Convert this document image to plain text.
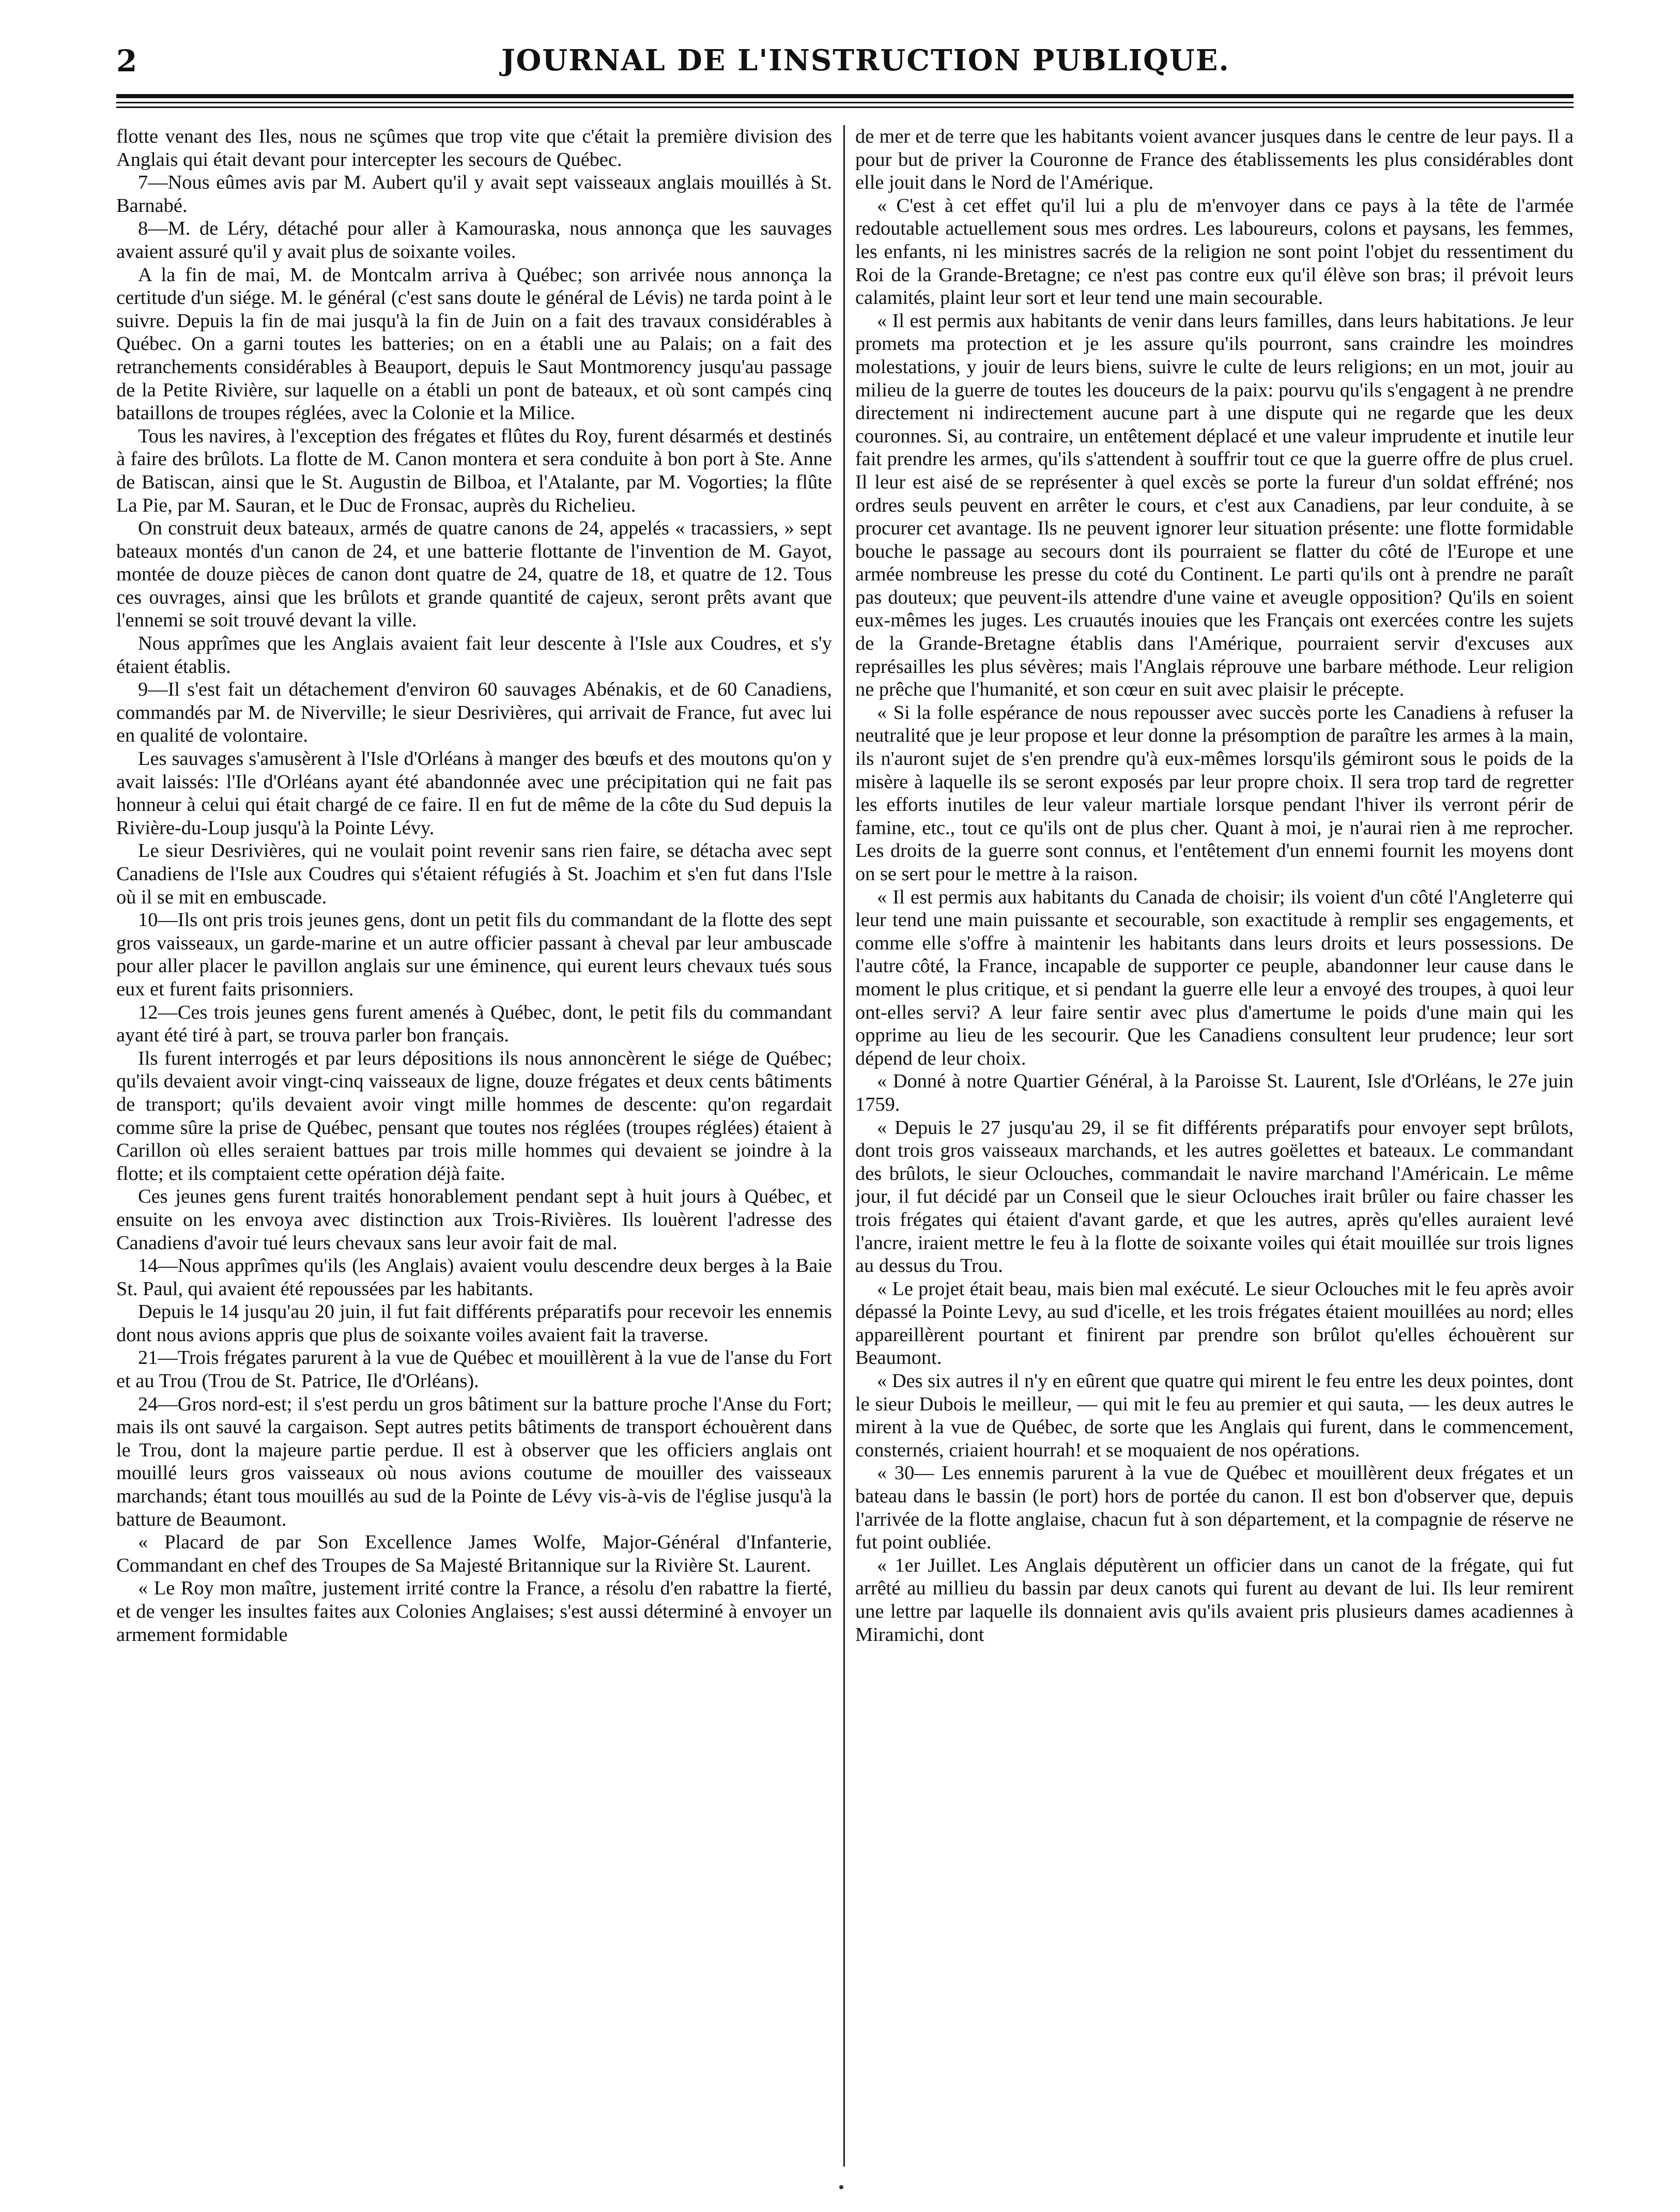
2	JOURNAL DE L'INSTRUCTION PUBLIQUE.

flotte venant des Iles, nous ne sçûmes que trop vite que c'était la première division des Anglais qui était devant pour intercepter les secours de Québec.

7—Nous eûmes avis par M. Aubert qu'il y avait sept vaisseaux anglais mouillés à St. Barnabé.

8—M. de Léry, détaché pour aller à Kamouraska, nous annonça que les sauvages avaient assuré qu'il y avait plus de soixante voiles.

A la fin de mai, M. de Montcalm arriva à Québec; son arrivée nous annonça la certitude d'un siége. M. le général (c'est sans doute le général de Lévis) ne tarda point à le suivre. Depuis la fin de mai jusqu'à la fin de Juin on a fait des travaux considérables à Québec. On a garni toutes les batteries; on en a établi une au Palais; on a fait des retranchements considérables à Beauport, depuis le Saut Montmorency jusqu'au passage de la Petite Rivière, sur laquelle on a établi un pont de bateaux, et où sont campés cinq bataillons de troupes réglées, avec la Colonie et la Milice.

Tous les navires, à l'exception des frégates et flûtes du Roy, furent désarmés et destinés à faire des brûlots. La flotte de M. Canon montera et sera conduite à bon port à Ste. Anne de Batiscan, ainsi que le St. Augustin de Bilboa, et l'Atalante, par M. Vogorties; la flûte La Pie, par M. Sauran, et le Duc de Fronsac, auprès du Richelieu.

On construit deux bateaux, armés de quatre canons de 24, appelés « tracassiers, » sept bateaux montés d'un canon de 24, et une batterie flottante de l'invention de M. Gayot, montée de douze pièces de canon dont quatre de 24, quatre de 18, et quatre de 12. Tous ces ouvrages, ainsi que les brûlots et grande quantité de cajeux, seront prêts avant que l'ennemi se soit trouvé devant la ville.

Nous apprîmes que les Anglais avaient fait leur descente à l'Isle aux Coudres, et s'y étaient établis.

9—Il s'est fait un détachement d'environ 60 sauvages Abénakis, et de 60 Canadiens, commandés par M. de Niverville; le sieur Desrivières, qui arrivait de France, fut avec lui en qualité de volontaire.

Les sauvages s'amusèrent à l'Isle d'Orléans à manger des bœufs et des moutons qu'on y avait laissés: l'Ile d'Orléans ayant été abandonnée avec une précipitation qui ne fait pas honneur à celui qui était chargé de ce faire. Il en fut de même de la côte du Sud depuis la Rivière-du-Loup jusqu'à la Pointe Lévy.

Le sieur Desrivières, qui ne voulait point revenir sans rien faire, se détacha avec sept Canadiens de l'Isle aux Coudres qui s'étaient réfugiés à St. Joachim et s'en fut dans l'Isle où il se mit en embuscade.

10—Ils ont pris trois jeunes gens, dont un petit fils du commandant de la flotte des sept gros vaisseaux, un garde-marine et un autre officier passant à cheval par leur ambuscade pour aller placer le pavillon anglais sur une éminence, qui eurent leurs chevaux tués sous eux et furent faits prisonniers.

12—Ces trois jeunes gens furent amenés à Québec, dont, le petit fils du commandant ayant été tiré à part, se trouva parler bon français.

Ils furent interrogés et par leurs dépositions ils nous annoncèrent le siége de Québec; qu'ils devaient avoir vingt-cinq vaisseaux de ligne, douze frégates et deux cents bâtiments de transport; qu'ils devaient avoir vingt mille hommes de descente: qu'on regardait comme sûre la prise de Québec, pensant que toutes nos réglées (troupes réglées) étaient à Carillon où elles seraient battues par trois mille hommes qui devaient se joindre à la flotte; et ils comptaient cette opération déjà faite.

Ces jeunes gens furent traités honorablement pendant sept à huit jours à Québec, et ensuite on les envoya avec distinction aux Trois-Rivières. Ils louèrent l'adresse des Canadiens d'avoir tué leurs chevaux sans leur avoir fait de mal.

14—Nous apprîmes qu'ils (les Anglais) avaient voulu descendre deux berges à la Baie St. Paul, qui avaient été repoussées par les habitants.

Depuis le 14 jusqu'au 20 juin, il fut fait différents préparatifs pour recevoir les ennemis dont nous avions appris que plus de soixante voiles avaient fait la traverse.

21—Trois frégates parurent à la vue de Québec et mouillèrent à la vue de l'anse du Fort et au Trou (Trou de St. Patrice, Ile d'Orléans).

24—Gros nord-est; il s'est perdu un gros bâtiment sur la batture proche l'Anse du Fort; mais ils ont sauvé la cargaison. Sept autres petits bâtiments de transport échouèrent dans le Trou, dont la majeure partie perdue. Il est à observer que les officiers anglais ont mouillé leurs gros vaisseaux où nous avions coutume de mouiller des vaisseaux marchands; étant tous mouillés au sud de la Pointe de Lévy vis-à-vis de l'église jusqu'à la batture de Beaumont.

« Placard de par Son Excellence James Wolfe, Major-Général d'Infanterie, Commandant en chef des Troupes de Sa Majesté Britannique sur la Rivière St. Laurent.

« Le Roy mon maître, justement irrité contre la France, a résolu d'en rabattre la fierté, et de venger les insultes faites aux Colonies Anglaises; s'est aussi déterminé à envoyer un armement formidable

de mer et de terre que les habitants voient avancer jusques dans le centre de leur pays. Il a pour but de priver la Couronne de France des établissements les plus considérables dont elle jouit dans le Nord de l'Amérique.

« C'est à cet effet qu'il lui a plu de m'envoyer dans ce pays à la tête de l'armée redoutable actuellement sous mes ordres. Les laboureurs, colons et paysans, les femmes, les enfants, ni les ministres sacrés de la religion ne sont point l'objet du ressentiment du Roi de la Grande-Bretagne; ce n'est pas contre eux qu'il élève son bras; il prévoit leurs calamités, plaint leur sort et leur tend une main secourable.

« Il est permis aux habitants de venir dans leurs familles, dans leurs habitations. Je leur promets ma protection et je les assure qu'ils pourront, sans craindre les moindres molestations, y jouir de leurs biens, suivre le culte de leurs religions; en un mot, jouir au milieu de la guerre de toutes les douceurs de la paix: pourvu qu'ils s'engagent à ne prendre directement ni indirectement aucune part à une dispute qui ne regarde que les deux couronnes. Si, au contraire, un entêtement déplacé et une valeur imprudente et inutile leur fait prendre les armes, qu'ils s'attendent à souffrir tout ce que la guerre offre de plus cruel. Il leur est aisé de se représenter à quel excès se porte la fureur d'un soldat effréné; nos ordres seuls peuvent en arrêter le cours, et c'est aux Canadiens, par leur conduite, à se procurer cet avantage. Ils ne peuvent ignorer leur situation présente: une flotte formidable bouche le passage au secours dont ils pourraient se flatter du côté de l'Europe et une armée nombreuse les presse du coté du Continent. Le parti qu'ils ont à prendre ne paraît pas douteux; que peuvent-ils attendre d'une vaine et aveugle opposition? Qu'ils en soient eux-mêmes les juges. Les cruautés inouies que les Français ont exercées contre les sujets de la Grande-Bretagne établis dans l'Amérique, pourraient servir d'excuses aux représailles les plus sévères; mais l'Anglais réprouve une barbare méthode. Leur religion ne prêche que l'humanité, et son cœur en suit avec plaisir le précepte.

« Si la folle espérance de nous repousser avec succès porte les Canadiens à refuser la neutralité que je leur propose et leur donne la présomption de paraître les armes à la main, ils n'auront sujet de s'en prendre qu'à eux-mêmes lorsqu'ils gémiront sous le poids de la misère à laquelle ils se seront exposés par leur propre choix. Il sera trop tard de regretter les efforts inutiles de leur valeur martiale lorsque pendant l'hiver ils verront périr de famine, etc., tout ce qu'ils ont de plus cher. Quant à moi, je n'aurai rien à me reprocher. Les droits de la guerre sont connus, et l'entêtement d'un ennemi fournit les moyens dont on se sert pour le mettre à la raison.

« Il est permis aux habitants du Canada de choisir; ils voient d'un côté l'Angleterre qui leur tend une main puissante et secourable, son exactitude à remplir ses engagements, et comme elle s'offre à maintenir les habitants dans leurs droits et leurs possessions. De l'autre côté, la France, incapable de supporter ce peuple, abandonner leur cause dans le moment le plus critique, et si pendant la guerre elle leur a envoyé des troupes, à quoi leur ont-elles servi? A leur faire sentir avec plus d'amertume le poids d'une main qui les opprime au lieu de les secourir. Que les Canadiens consultent leur prudence; leur sort dépend de leur choix.

« Donné à notre Quartier Général, à la Paroisse St. Laurent, Isle d'Orléans, le 27e juin 1759.

« Depuis le 27 jusqu'au 29, il se fit différents préparatifs pour envoyer sept brûlots, dont trois gros vaisseaux marchands, et les autres goëlettes et bateaux. Le commandant des brûlots, le sieur Oclouches, commandait le navire marchand l'Américain. Le même jour, il fut décidé par un Conseil que le sieur Oclouches irait brûler ou faire chasser les trois frégates qui étaient d'avant garde, et que les autres, après qu'elles auraient levé l'ancre, iraient mettre le feu à la flotte de soixante voiles qui était mouillée sur trois lignes au dessus du Trou.

« Le projet était beau, mais bien mal exécuté. Le sieur Oclouches mit le feu après avoir dépassé la Pointe Levy, au sud d'icelle, et les trois frégates étaient mouillées au nord; elles appareillèrent pourtant et finirent par prendre son brûlot qu'elles échouèrent sur Beaumont.

« Des six autres il n'y en eûrent que quatre qui mirent le feu entre les deux pointes, dont le sieur Dubois le meilleur, — qui mit le feu au premier et qui sauta, — les deux autres le mirent à la vue de Québec, de sorte que les Anglais qui furent, dans le commencement, consternés, criaient hourrah! et se moquaient de nos opérations.

« 30— Les ennemis parurent à la vue de Québec et mouillèrent deux frégates et un bateau dans le bassin (le port) hors de portée du canon. Il est bon d'observer que, depuis l'arrivée de la flotte anglaise, chacun fut à son département, et la compagnie de réserve ne fut point oubliée.

« 1er Juillet. Les Anglais députèrent un officier dans un canot de la frégate, qui fut arrêté au millieu du bassin par deux canots qui furent au devant de lui. Ils leur remirent une lettre par laquelle ils donnaient avis qu'ils avaient pris plusieurs dames acadiennes à Miramichi, dont
